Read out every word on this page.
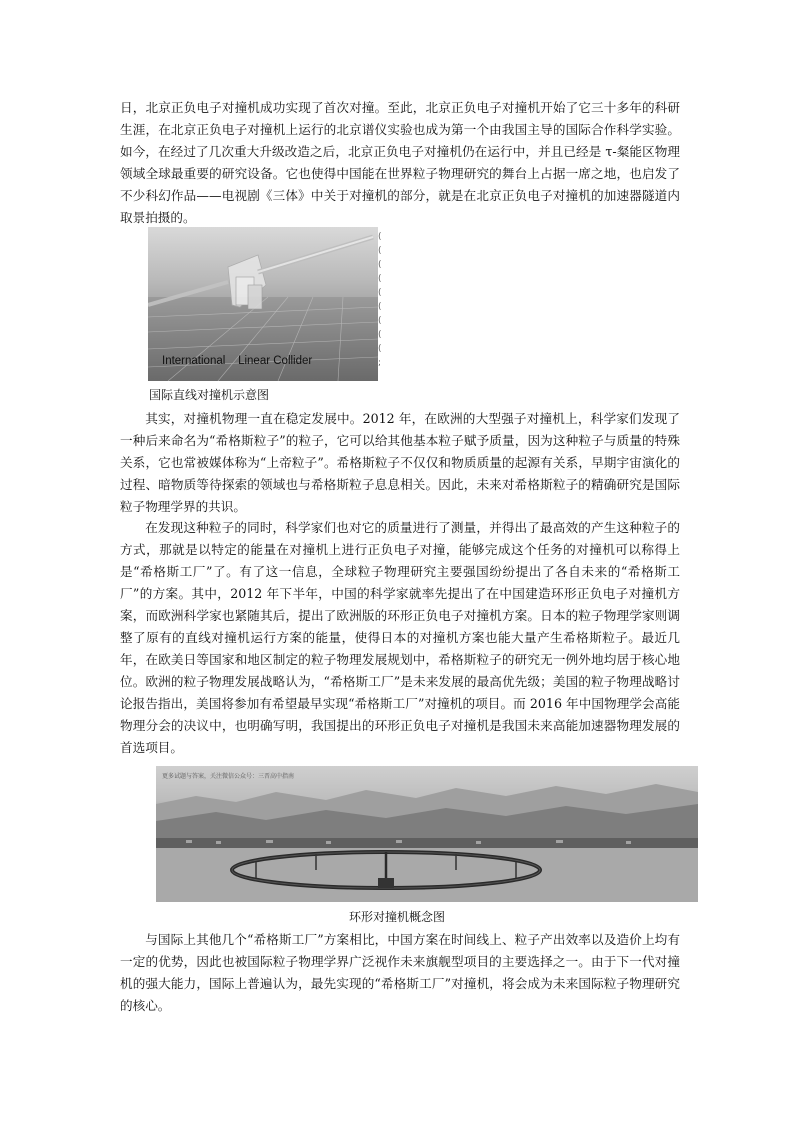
日，北京正负电子对撞机成功实现了首次对撞。至此，北京正负电子对撞机开始了它三十多年的科研生涯，在北京正负电子对撞机上运行的北京谱仪实验也成为第一个由我国主导的国际合作科学实验。如今，在经过了几次重大升级改造之后，北京正负电子对撞机仍在运行中，并且已经是 τ-粲能区物理领域全球最重要的研究设备。它也使得中国能在世界粒子物理研究的舞台上占据一席之地，也启发了不少科幻作品——电视剧《三体》中关于对撞机的部分，就是在北京正负电子对撞机的加速器隧道内取景拍摄的。

International    Linear Collider
( ( ( ( ( ( ( ( ( ;
国际直线对撞机示意图

其实，对撞机物理一直在稳定发展中。2012 年，在欧洲的大型强子对撞机上，科学家们发现了一种后来命名为“希格斯粒子”的粒子，它可以给其他基本粒子赋予质量，因为这种粒子与质量的特殊关系，它也常被媒体称为“上帝粒子”。希格斯粒子不仅仅和物质质量的起源有关系，早期宇宙演化的过程、暗物质等待探索的领域也与希格斯粒子息息相关。因此，未来对希格斯粒子的精确研究是国际粒子物理学界的共识。

在发现这种粒子的同时，科学家们也对它的质量进行了测量，并得出了最高效的产生这种粒子的方式，那就是以特定的能量在对撞机上进行正负电子对撞，能够完成这个任务的对撞机可以称得上是“希格斯工厂”了。有了这一信息，全球粒子物理研究主要强国纷纷提出了各自未来的“希格斯工厂”的方案。其中，2012 年下半年，中国的科学家就率先提出了在中国建造环形正负电子对撞机方案，而欧洲科学家也紧随其后，提出了欧洲版的环形正负电子对撞机方案。日本的粒子物理学家则调整了原有的直线对撞机运行方案的能量，使得日本的对撞机方案也能大量产生希格斯粒子。最近几年，在欧美日等国家和地区制定的粒子物理发展规划中，希格斯粒子的研究无一例外地均居于核心地位。欧洲的粒子物理发展战略认为，“希格斯工厂”是未来发展的最高优先级；美国的粒子物理战略讨论报告指出，美国将参加有希望最早实现“希格斯工厂”对撞机的项目。而 2016 年中国物理学会高能物理分会的决议中，也明确写明，我国提出的环形正负电子对撞机是我国未来高能加速器物理发展的首选项目。

更多试题与答案，关注微信公众号：三晋高中指南
环形对撞机概念图

与国际上其他几个“希格斯工厂”方案相比，中国方案在时间线上、粒子产出效率以及造价上均有一定的优势，因此也被国际粒子物理学界广泛视作未来旗舰型项目的主要选择之一。由于下一代对撞机的强大能力，国际上普遍认为，最先实现的“希格斯工厂”对撞机，将会成为未来国际粒子物理研究的核心。
